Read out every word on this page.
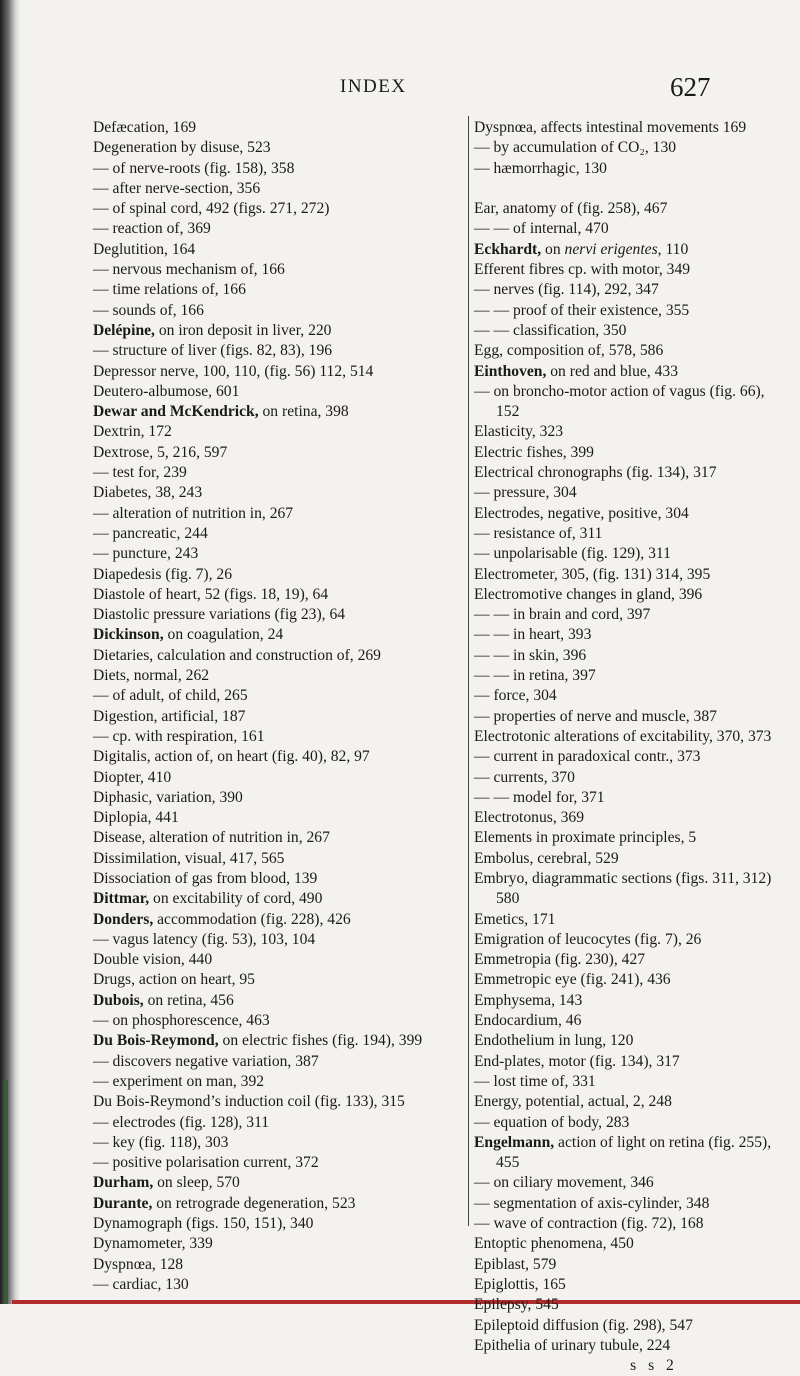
INDEX	627
Defæcation, 169
Degeneration by disuse, 523
— of nerve-roots (fig. 158), 358
— after nerve-section, 356
— of spinal cord, 492 (figs. 271, 272)
— reaction of, 369
Deglutition, 164
— nervous mechanism of, 166
— time relations of, 166
— sounds of, 166
Delépine, on iron deposit in liver, 220
— structure of liver (figs. 82, 83), 196
Depressor nerve, 100, 110, (fig. 56) 112, 514
Deutero-albumose, 601
Dewar and McKendrick, on retina, 398
Dextrin, 172
Dextrose, 5, 216, 597
— test for, 239
Diabetes, 38, 243
— alteration of nutrition in, 267
— pancreatic, 244
— puncture, 243
Diapedesis (fig. 7), 26
Diastole of heart, 52 (figs. 18, 19), 64
Diastolic pressure variations (fig 23), 64
Dickinson, on coagulation, 24
Dietaries, calculation and construction of, 269
Diets, normal, 262
— of adult, of child, 265
Digestion, artificial, 187
— cp. with respiration, 161
Digitalis, action of, on heart (fig. 40), 82, 97
Diopter, 410
Diphasic, variation, 390
Diplopia, 441
Disease, alteration of nutrition in, 267
Dissimilation, visual, 417, 565
Dissociation of gas from blood, 139
Dittmar, on excitability of cord, 490
Donders, accommodation (fig. 228), 426
— vagus latency (fig. 53), 103, 104
Double vision, 440
Drugs, action on heart, 95
Dubois, on retina, 456
— on phosphorescence, 463
Du Bois-Reymond, on electric fishes (fig. 194), 399
— discovers negative variation, 387
— experiment on man, 392
Du Bois-Reymond’s induction coil (fig. 133), 315
— electrodes (fig. 128), 311
— key (fig. 118), 303
— positive polarisation current, 372
Durham, on sleep, 570
Durante, on retrograde degeneration, 523
Dynamograph (figs. 150, 151), 340
Dynamometer, 339
Dyspnœa, 128
— cardiac, 130
Dyspnœa, affects intestinal movements 169
— by accumulation of CO₂, 130
— hæmorrhagic, 130

Ear, anatomy of (fig. 258), 467
— — of internal, 470
Eckhardt, on nervi erigentes, 110
Efferent fibres cp. with motor, 349
— nerves (fig. 114), 292, 347
— — proof of their existence, 355
— — classification, 350
Egg, composition of, 578, 586
Einthoven, on red and blue, 433
— on broncho-motor action of vagus (fig. 66), 152
Elasticity, 323
Electric fishes, 399
Electrical chronographs (fig. 134), 317
— pressure, 304
Electrodes, negative, positive, 304
— resistance of, 311
— unpolarisable (fig. 129), 311
Electrometer, 305, (fig. 131) 314, 395
Electromotive changes in gland, 396
— — in brain and cord, 397
— — in heart, 393
— — in skin, 396
— — in retina, 397
— force, 304
— properties of nerve and muscle, 387
Electrotonic alterations of excitability, 370, 373
— current in paradoxical contr., 373
— currents, 370
— — model for, 371
Electrotonus, 369
Elements in proximate principles, 5
Embolus, cerebral, 529
Embryo, diagrammatic sections (figs. 311, 312) 580
Emetics, 171
Emigration of leucocytes (fig. 7), 26
Emmetropia (fig. 230), 427
Emmetropic eye (fig. 241), 436
Emphysema, 143
Endocardium, 46
Endothelium in lung, 120
End-plates, motor (fig. 134), 317
— lost time of, 331
Energy, potential, actual, 2, 248
— equation of body, 283
Engelmann, action of light on retina (fig. 255), 455
— on ciliary movement, 346
— segmentation of axis-cylinder, 348
— wave of contraction (fig. 72), 168
Entoptic phenomena, 450
Epiblast, 579
Epiglottis, 165
Epilepsy, 545
Epileptoid diffusion (fig. 298), 547
Epithelia of urinary tubule, 224
s s 2
